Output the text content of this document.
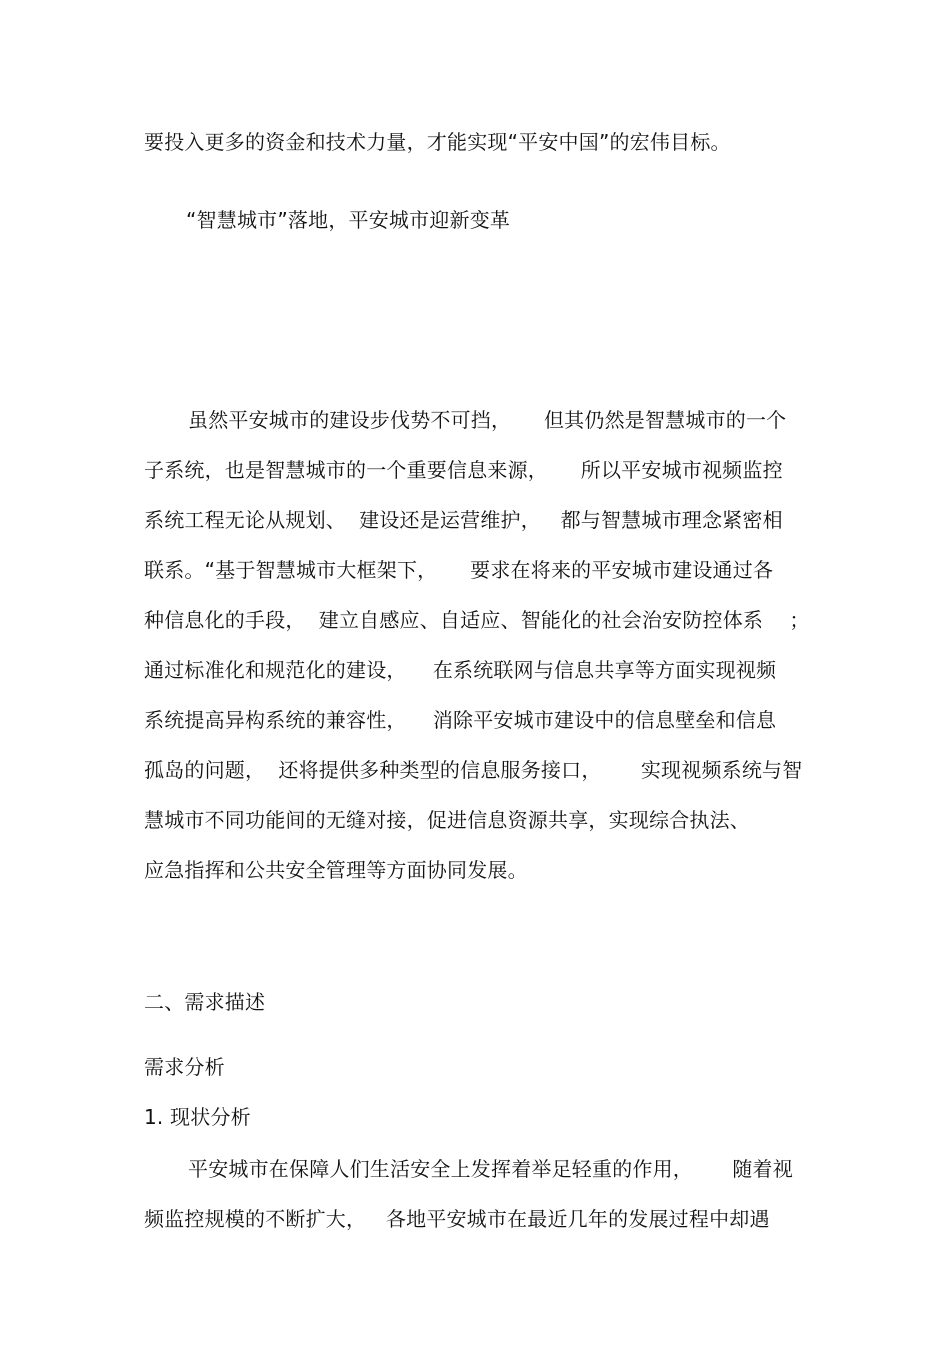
要投入更多的资金和技术力量，才能实现“平安中国”的宏伟目标。
“智慧城市”落地，平安城市迎新变革
虽然平安城市的建设步伐势不可挡，     但其仍然是智慧城市的一个
子系统，也是智慧城市的一个重要信息来源，     所以平安城市视频监控
系统工程无论从规划、  建设还是运营维护，   都与智慧城市理念紧密相
联系。“基于智慧城市大框架下，     要求在将来的平安城市建设通过各
种信息化的手段，  建立自感应、自适应、智能化的社会治安防控体系    ；
通过标准化和规范化的建设，    在系统联网与信息共享等方面实现视频
系统提高异构系统的兼容性，    消除平安城市建设中的信息壁垒和信息
孤岛的问题，  还将提供多种类型的信息服务接口，      实现视频系统与智
慧城市不同功能间的无缝对接，促进信息资源共享，实现综合执法、
应急指挥和公共安全管理等方面协同发展。
二、需求描述
需求分析
1. 现状分析
平安城市在保障人们生活安全上发挥着举足轻重的作用，      随着视
频监控规模的不断扩大，   各地平安城市在最近几年的发展过程中却遇
